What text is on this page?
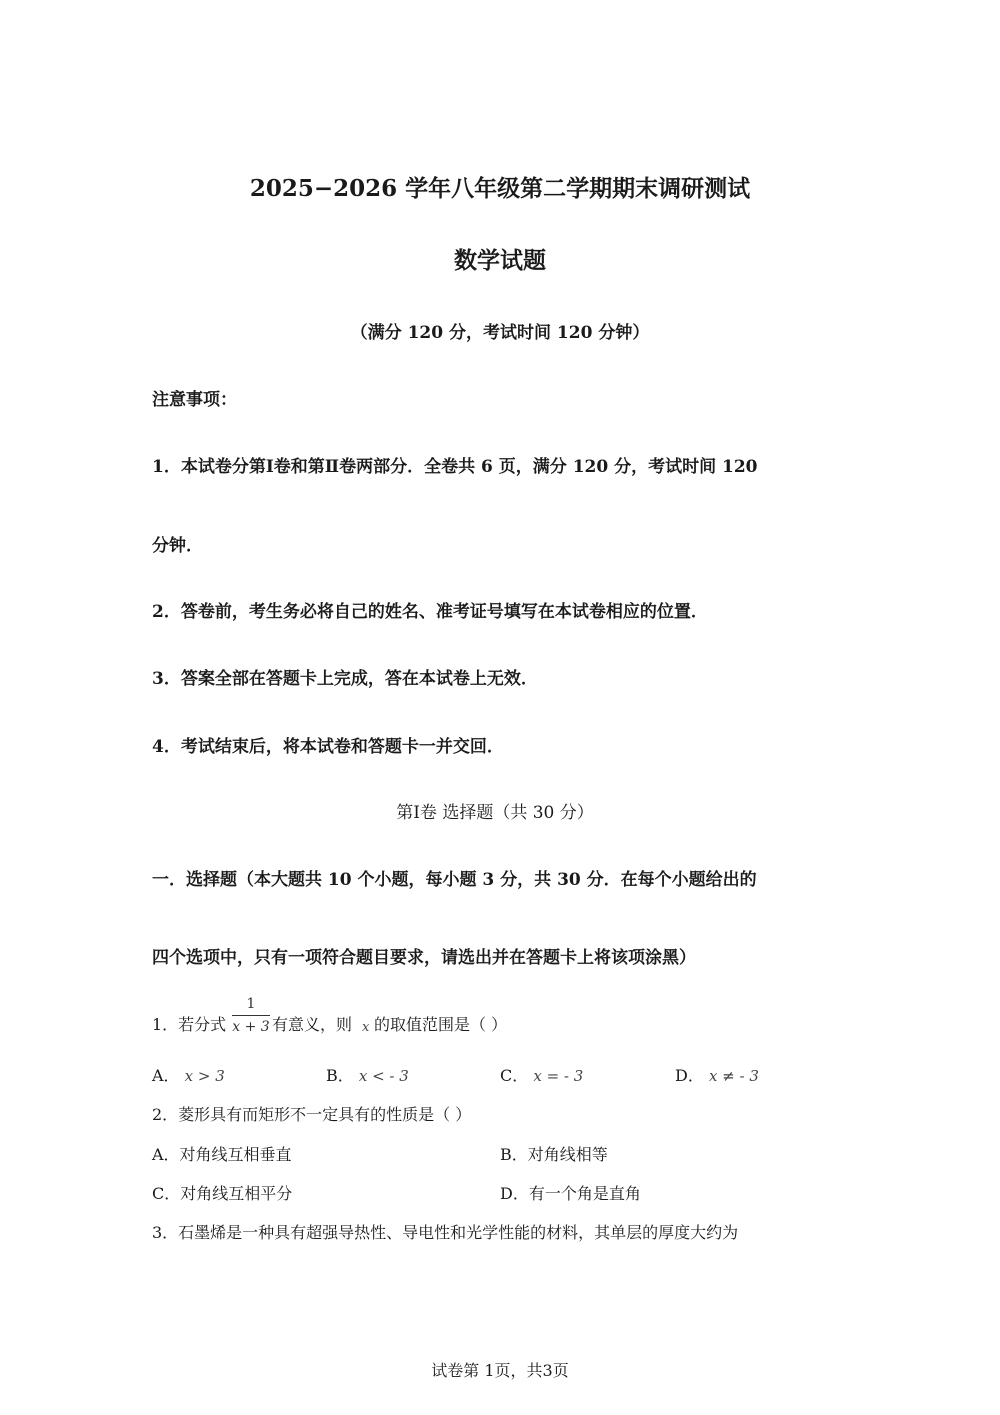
2025−2026 学年八年级第二学期期末调研测试
数学试题
（满分 120 分，考试时间 120 分钟）
注意事项：
1．本试卷分第Ⅰ卷和第Ⅱ卷两部分．全卷共 6 页，满分 120 分，考试时间 120
分钟．
2．答卷前，考生务必将自己的姓名、准考证号填写在本试卷相应的位置．
3．答案全部在答题卡上完成，答在本试卷上无效．
4．考试结束后，将本试卷和答题卡一并交回．
第Ⅰ卷 选择题（共 30 分）
一．选择题（本大题共 10 个小题，每小题 3 分，共 30 分．在每个小题给出的
四个选项中，只有一项符合题目要求，请选出并在答题卡上将该项涂黑）
1．若分式
1
x + 3 有意义，则 x 的取值范围是（ ）
A． x > 3	B． x < - 3	C． x = - 3	D． x ≠ - 3
2．菱形具有而矩形不一定具有的性质是（ ）
A．对角线互相垂直	B．对角线相等
C．对角线互相平分	D．有一个角是直角
3．石墨烯是一种具有超强导热性、导电性和光学性能的材料，其单层的厚度大约为
试卷第 1页，共3页
